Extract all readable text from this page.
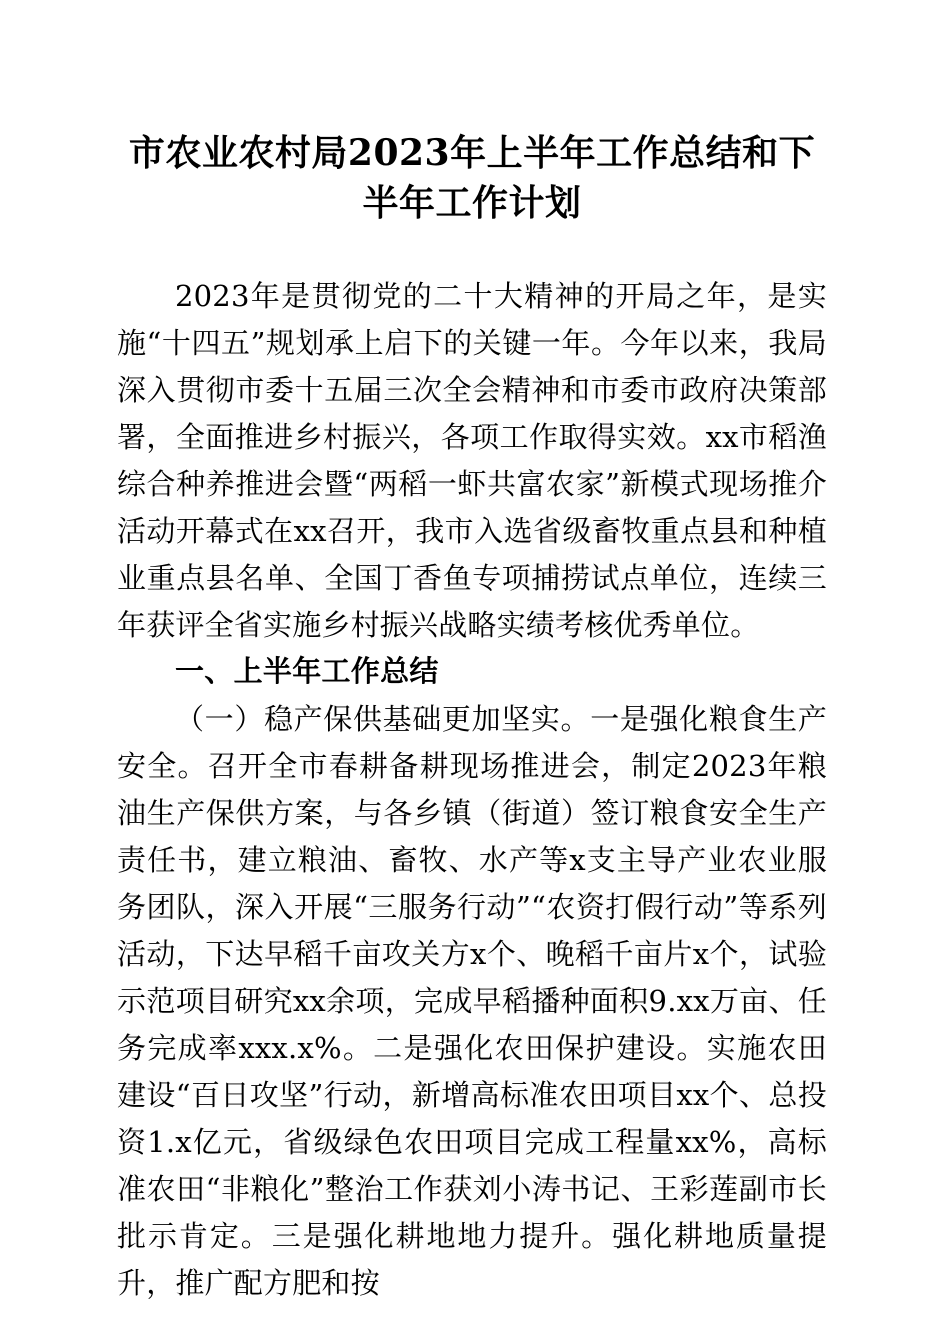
市农业农村局2023年上半年工作总结和下半年工作计划

2023年是贯彻党的二十大精神的开局之年，是实施“十四五”规划承上启下的关键一年。今年以来，我局深入贯彻市委十五届三次全会精神和市委市政府决策部署，全面推进乡村振兴，各项工作取得实效。xx市稻渔综合种养推进会暨“两稻一虾共富农家”新模式现场推介活动开幕式在xx召开，我市入选省级畜牧重点县和种植业重点县名单、全国丁香鱼专项捕捞试点单位，连续三年获评全省实施乡村振兴战略实绩考核优秀单位。

一、上半年工作总结

（一）稳产保供基础更加坚实。一是强化粮食生产安全。召开全市春耕备耕现场推进会，制定2023年粮油生产保供方案，与各乡镇（街道）签订粮食安全生产责任书，建立粮油、畜牧、水产等x支主导产业农业服务团队，深入开展“三服务行动”“农资打假行动”等系列活动，下达早稻千亩攻关方x个、晚稻千亩片x个，试验示范项目研究xx余项，完成早稻播种面积9.xx万亩、任务完成率xxx.x%。二是强化农田保护建设。实施农田建设“百日攻坚”行动，新增高标准农田项目xx个、总投资1.x亿元，省级绿色农田项目完成工程量xx%，高标准农田“非粮化”整治工作获刘小涛书记、王彩莲副市长批示肯定。三是强化耕地地力提升。强化耕地质量提升，推广配方肥和按
